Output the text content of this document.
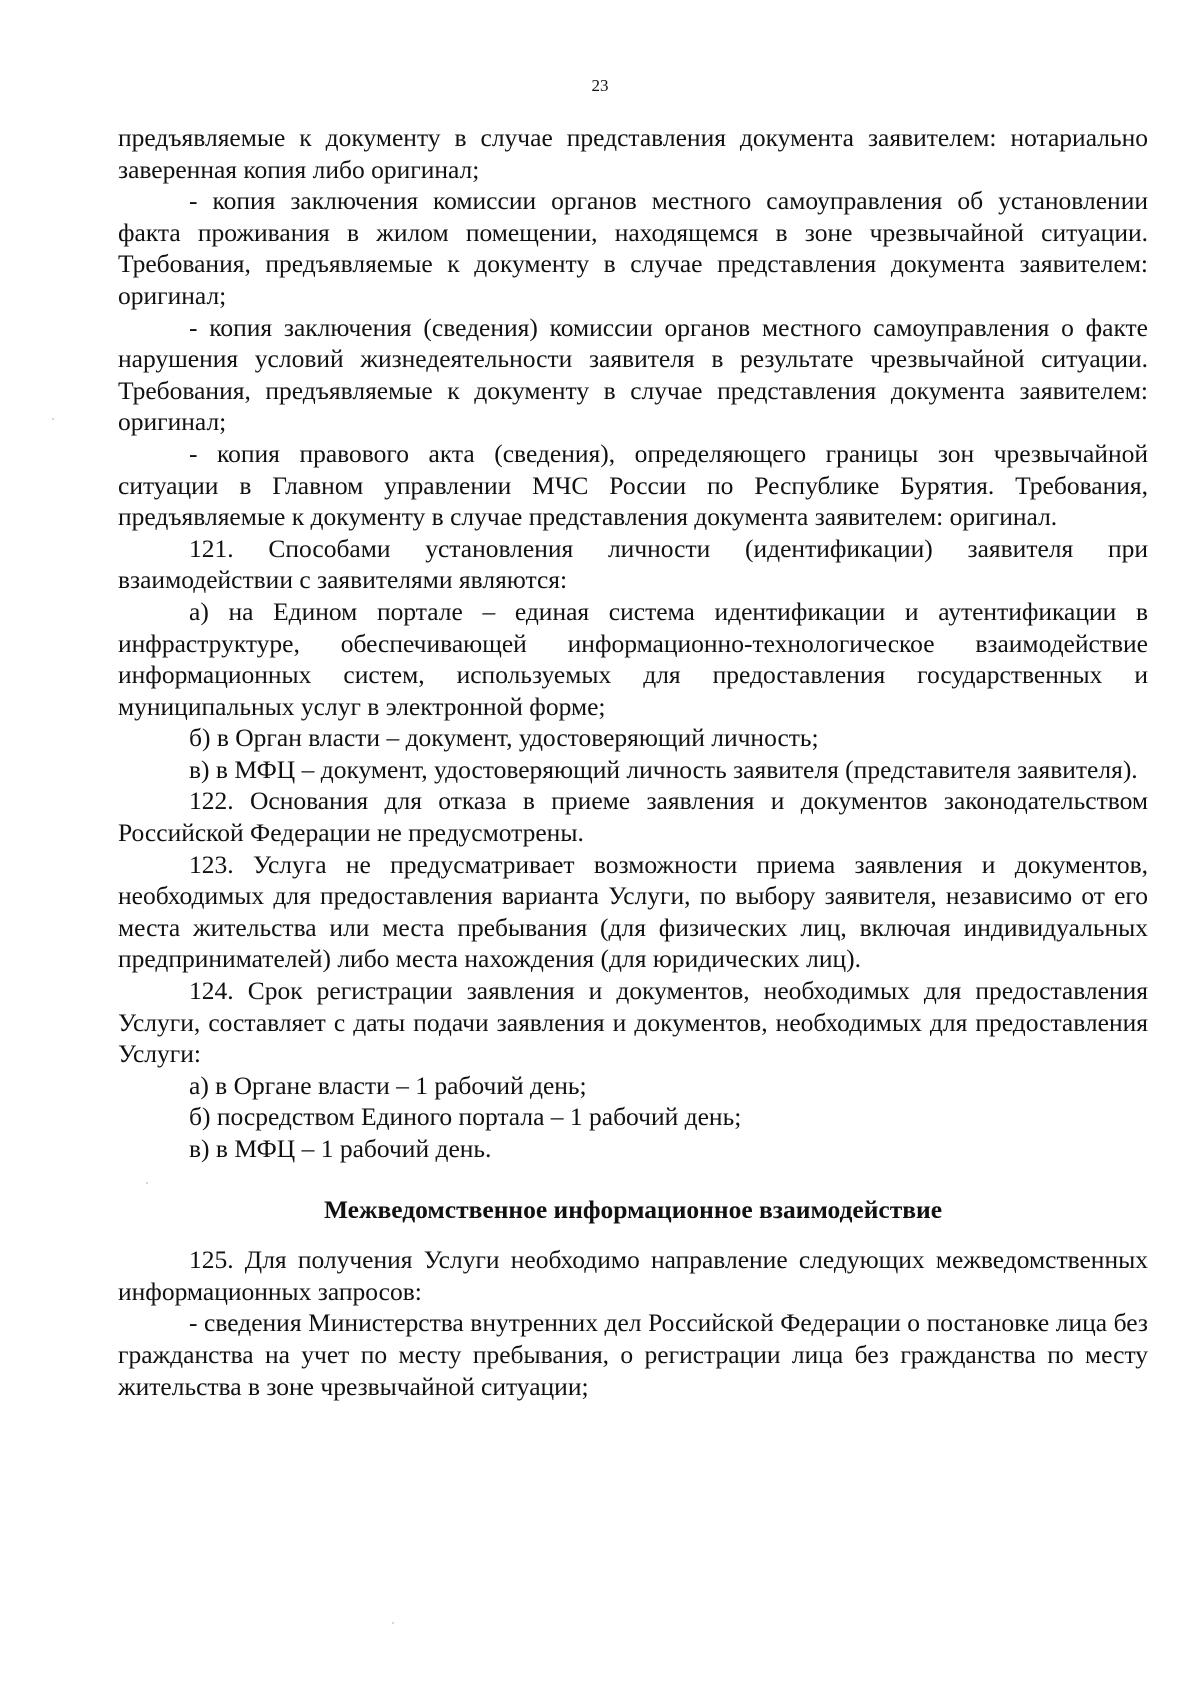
23

предъявляемые к документу в случае представления документа заявителем: нотариально заверенная копия либо оригинал;

- копия заключения комиссии органов местного самоуправления об установлении факта проживания в жилом помещении, находящемся в зоне чрезвычайной ситуации. Требования, предъявляемые к документу в случае представления документа заявителем: оригинал;

- копия заключения (сведения) комиссии органов местного самоуправления о факте нарушения условий жизнедеятельности заявителя в результате чрезвычайной ситуации. Требования, предъявляемые к документу в случае представления документа заявителем: оригинал;

- копия правового акта (сведения), определяющего границы зон чрезвычайной ситуации в Главном управлении МЧС России по Республике Бурятия. Требования, предъявляемые к документу в случае представления документа заявителем: оригинал.

121. Способами установления личности (идентификации) заявителя при взаимодействии с заявителями являются:

а) на Едином портале – единая система идентификации и аутентификации в инфраструктуре, обеспечивающей информационно-технологическое взаимодействие информационных систем, используемых для предоставления государственных и муниципальных услуг в электронной форме;

б) в Орган власти – документ, удостоверяющий личность;

в) в МФЦ – документ, удостоверяющий личность заявителя (представителя заявителя).

122. Основания для отказа в приеме заявления и документов законодательством Российской Федерации не предусмотрены.

123. Услуга не предусматривает возможности приема заявления и документов, необходимых для предоставления варианта Услуги, по выбору заявителя, независимо от его места жительства или места пребывания (для физических лиц, включая индивидуальных предпринимателей) либо места нахождения (для юридических лиц).

124. Срок регистрации заявления и документов, необходимых для предоставления Услуги, составляет с даты подачи заявления и документов, необходимых для предоставления Услуги:

а) в Органе власти – 1 рабочий день;

б) посредством Единого портала – 1 рабочий день;

в) в МФЦ – 1 рабочий день.

Межведомственное информационное взаимодействие

125. Для получения Услуги необходимо направление следующих межведомственных информационных запросов:

- сведения Министерства внутренних дел Российской Федерации о постановке лица без гражданства на учет по месту пребывания, о регистрации лица без гражданства по месту жительства в зоне чрезвычайной ситуации;
